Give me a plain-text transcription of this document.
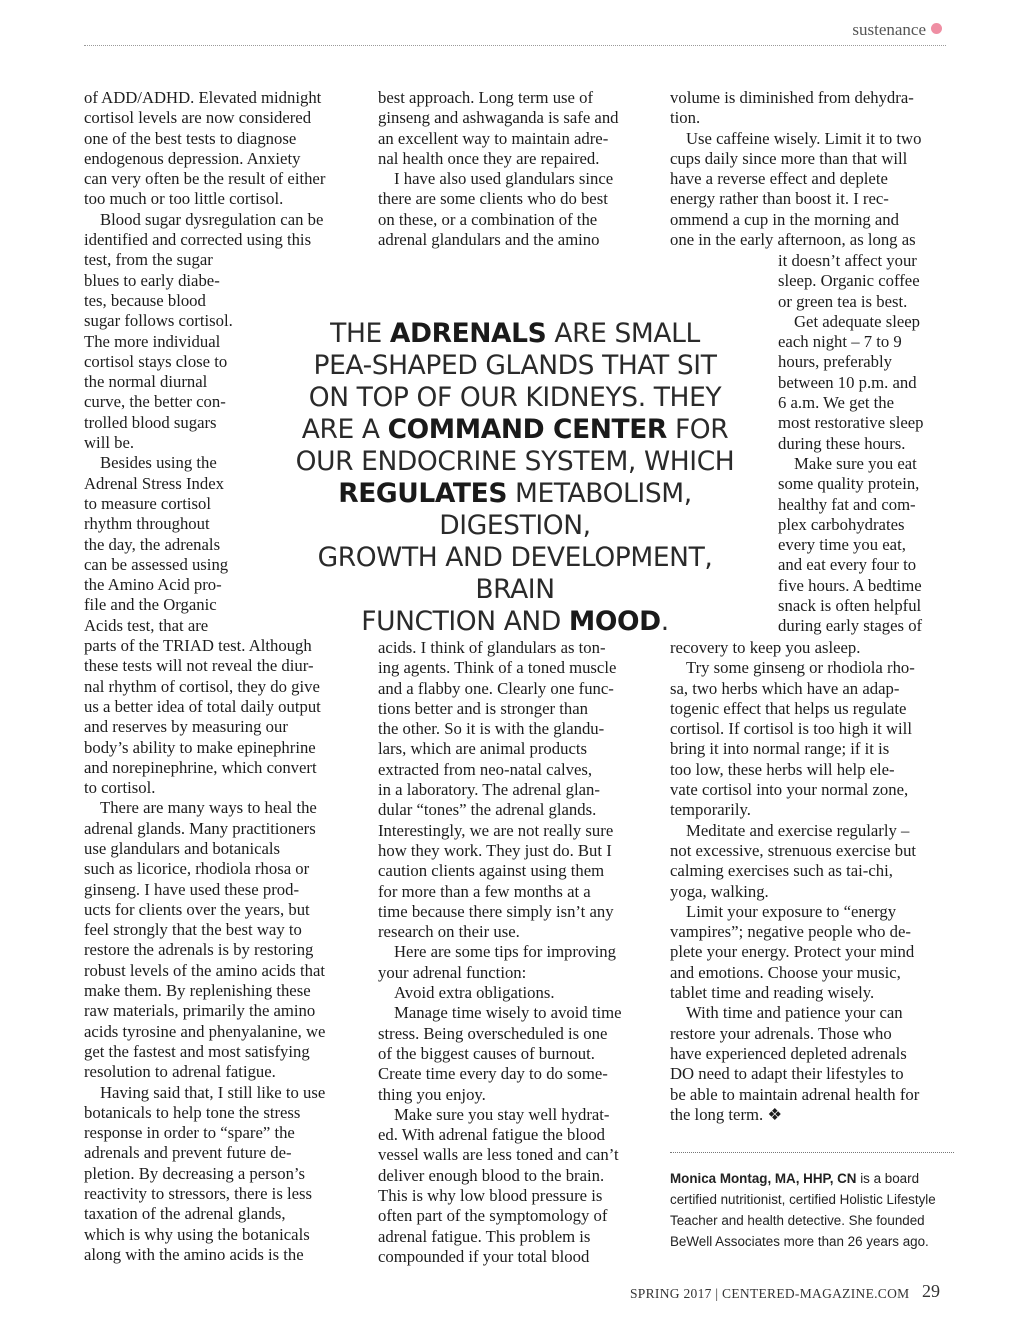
sustenance

of ADD/ADHD. Elevated midnight
cortisol levels are now considered
one of the best tests to diagnose
endogenous depression. Anxiety
can very often be the result of either
too much or too little cortisol.

Blood sugar dysregulation can be
identified and corrected using this
test, from the sugar
blues to early diabe-
tes, because blood
sugar follows cortisol.
The more individual
cortisol stays close to
the normal diurnal
curve, the better con-
trolled blood sugars
will be.

Besides using the
Adrenal Stress Index
to measure cortisol
rhythm throughout
the day, the adrenals
can be assessed using
the Amino Acid pro-
file and the Organic
Acids test, that are
parts of the TRIAD test. Although
these tests will not reveal the diur-
nal rhythm of cortisol, they do give
us a better idea of total daily output
and reserves by measuring our
body’s ability to make epinephrine
and norepinephrine, which convert
to cortisol.

There are many ways to heal the
adrenal glands. Many practitioners
use glandulars and botanicals
such as licorice, rhodiola rhosa or
ginseng. I have used these prod-
ucts for clients over the years, but
feel strongly that the best way to
restore the adrenals is by restoring
robust levels of the amino acids that
make them. By replenishing these
raw materials, primarily the amino
acids tyrosine and phenyalanine, we
get the fastest and most satisfying
resolution to adrenal fatigue.

Having said that, I still like to use
botanicals to help tone the stress
response in order to “spare” the
adrenals and prevent future de-
pletion. By decreasing a person’s
reactivity to stressors, there is less
taxation of the adrenal glands,
which is why using the botanicals
along with the amino acids is the

best approach. Long term use of
ginseng and ashwaganda is safe and
an excellent way to maintain adre-
nal health once they are repaired.

I have also used glandulars since
there are some clients who do best
on these, or a combination of the
adrenal glandulars and the amino

acids. I think of glandulars as ton-
ing agents. Think of a toned muscle
and a flabby one. Clearly one func-
tions better and is stronger than
the other. So it is with the glandu-
lars, which are animal products
extracted from neo-natal calves,
in a laboratory. The adrenal glan-
dular “tones” the adrenal glands.
Interestingly, we are not really sure
how they work. They just do. But I
caution clients against using them
for more than a few months at a
time because there simply isn’t any
research on their use.

Here are some tips for improving
your adrenal function:

Avoid extra obligations.

Manage time wisely to avoid time
stress. Being overscheduled is one
of the biggest causes of burnout.
Create time every day to do some-
thing you enjoy.

Make sure you stay well hydrat-
ed. With adrenal fatigue the blood
vessel walls are less toned and can’t
deliver enough blood to the brain.
This is why low blood pressure is
often part of the symptomology of
adrenal fatigue. This problem is
compounded if your total blood

volume is diminished from dehydra-
tion.

Use caffeine wisely. Limit it to two
cups daily since more than that will
have a reverse effect and deplete
energy rather than boost it. I rec-
ommend a cup in the morning and
one in the early afternoon, as long as

it doesn’t affect your
sleep. Organic coffee
or green tea is best.

Get adequate sleep
each night – 7 to 9
hours, preferably
between 10 p.m. and
6 a.m. We get the
most restorative sleep
during these hours.

Make sure you eat
some quality protein,
healthy fat and com-
plex carbohydrates
every time you eat,
and eat every four to
five hours. A bedtime
snack is often helpful
during early stages of

recovery to keep you asleep.

Try some ginseng or rhodiola rho-
sa, two herbs which have an adap-
togenic effect that helps us regulate
cortisol. If cortisol is too high it will
bring it into normal range; if it is
too low, these herbs will help ele-
vate cortisol into your normal zone,
temporarily.

Meditate and exercise regularly –
not excessive, strenuous exercise but
calming exercises such as tai-chi,
yoga, walking.

Limit your exposure to “energy
vampires”; negative people who de-
plete your energy. Protect your mind
and emotions. Choose your music,
tablet time and reading wisely.

With time and patience your can
restore your adrenals. Those who
have experienced depleted adrenals
DO need to adapt their lifestyles to
be able to maintain adrenal health for
the long term. ❖

THE ADRENALS ARE SMALL

PEA-SHAPED GLANDS THAT SIT

ON TOP OF OUR KIDNEYS. THEY

ARE A COMMAND CENTER FOR

OUR ENDOCRINE SYSTEM, WHICH

REGULATES METABOLISM, DIGESTION,

GROWTH AND DEVELOPMENT, BRAIN

FUNCTION AND MOOD.

Monica Montag, MA, HHP, CN is a board certified nutritionist, certified Holistic Lifestyle Teacher and health detective. She founded BeWell Associates more than 26 years ago.

SPRING 2017 | CENTERED-MAGAZINE.COM 29
